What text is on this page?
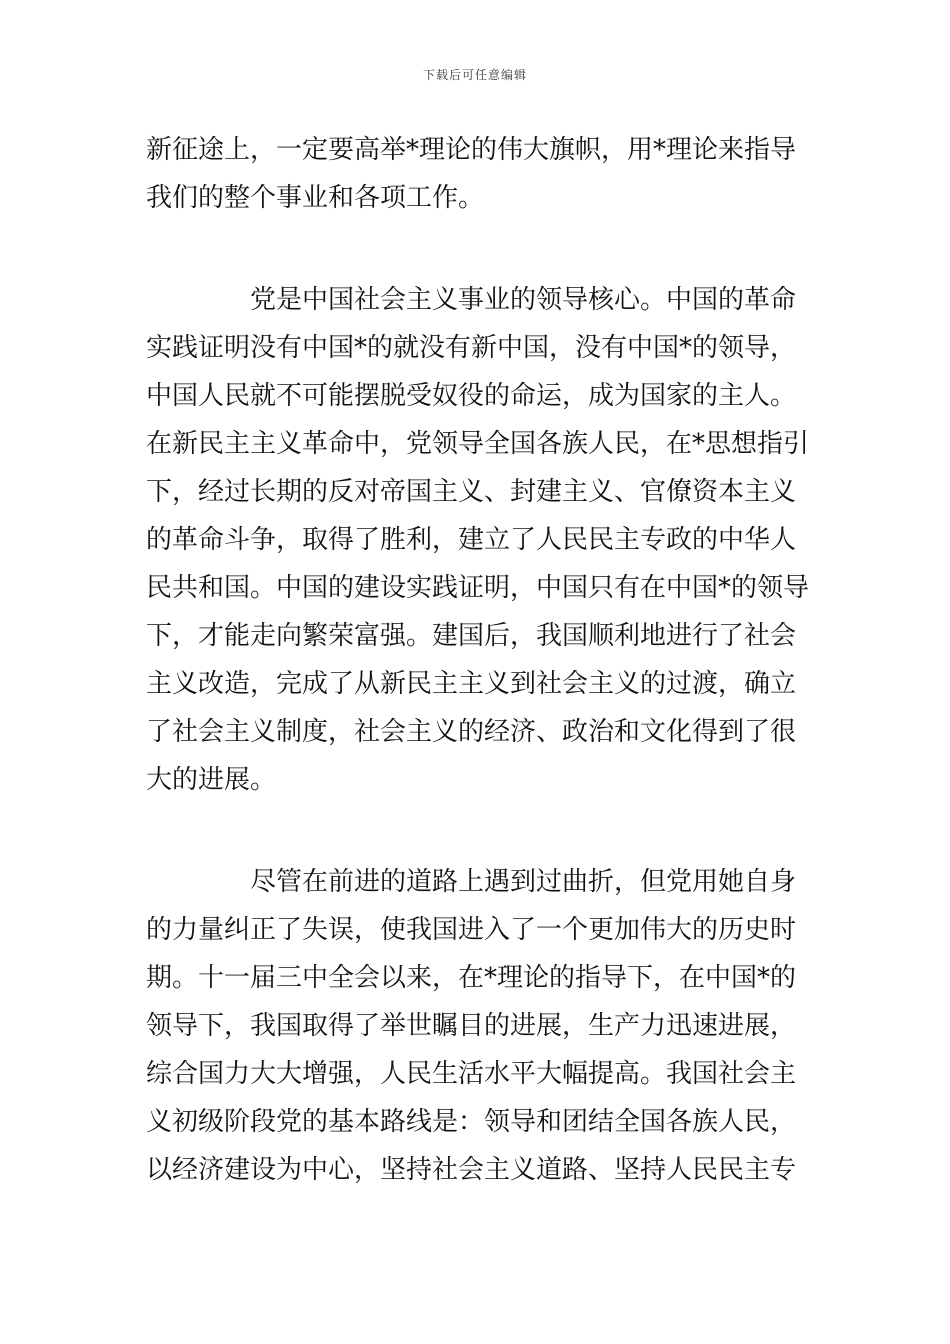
下载后可任意编辑
新征途上，一定要高举*理论的伟大旗帜，用*理论来指导
我们的整个事业和各项工作。
党是中国社会主义事业的领导核心。中国的革命
实践证明没有中国*的就没有新中国，没有中国*的领导，
中国人民就不可能摆脱受奴役的命运，成为国家的主人。
在新民主主义革命中，党领导全国各族人民，在*思想指引
下，经过长期的反对帝国主义、封建主义、官僚资本主义
的革命斗争，取得了胜利，建立了人民民主专政的中华人
民共和国。中国的建设实践证明，中国只有在中国*的领导
下，才能走向繁荣富强。建国后，我国顺利地进行了社会
主义改造，完成了从新民主主义到社会主义的过渡，确立
了社会主义制度，社会主义的经济、政治和文化得到了很
大的进展。
尽管在前进的道路上遇到过曲折，但党用她自身
的力量纠正了失误，使我国进入了一个更加伟大的历史时
期。十一届三中全会以来，在*理论的指导下，在中国*的
领导下，我国取得了举世瞩目的进展，生产力迅速进展，
综合国力大大增强，人民生活水平大幅提高。我国社会主
义初级阶段党的基本路线是：领导和团结全国各族人民，
以经济建设为中心，坚持社会主义道路、坚持人民民主专
